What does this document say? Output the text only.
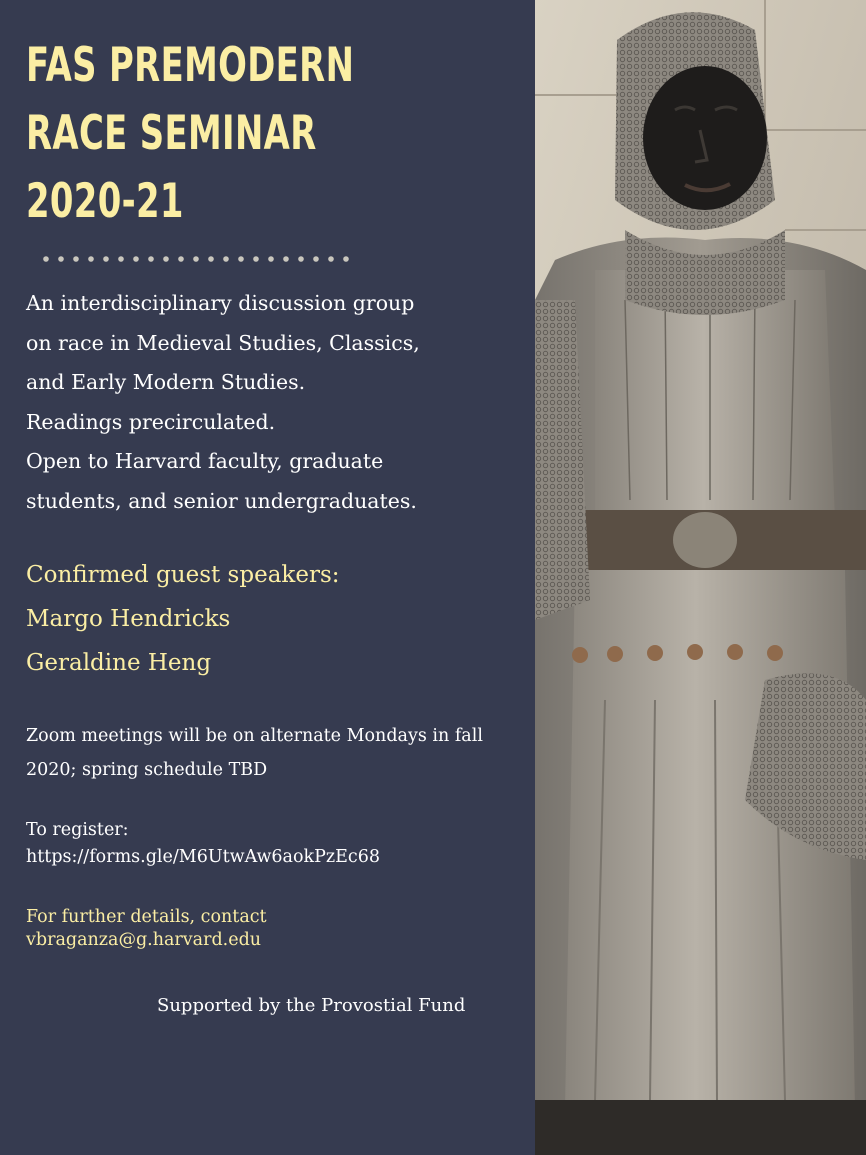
FAS PREMODERN
RACE SEMINAR
2020-21
An interdisciplinary discussion group
on race in Medieval Studies, Classics,
and Early Modern Studies.
Readings precirculated.
Open to Harvard faculty, graduate
students, and senior undergraduates.
Confirmed guest speakers:
Margo Hendricks
Geraldine Heng
Zoom meetings will be on alternate Mondays in fall 2020; spring schedule TBD
To register:
https://forms.gle/M6UtwAw6aokPzEc68
For further details, contact
vbraganza@g.harvard.edu
Supported by the Provostial Fund
